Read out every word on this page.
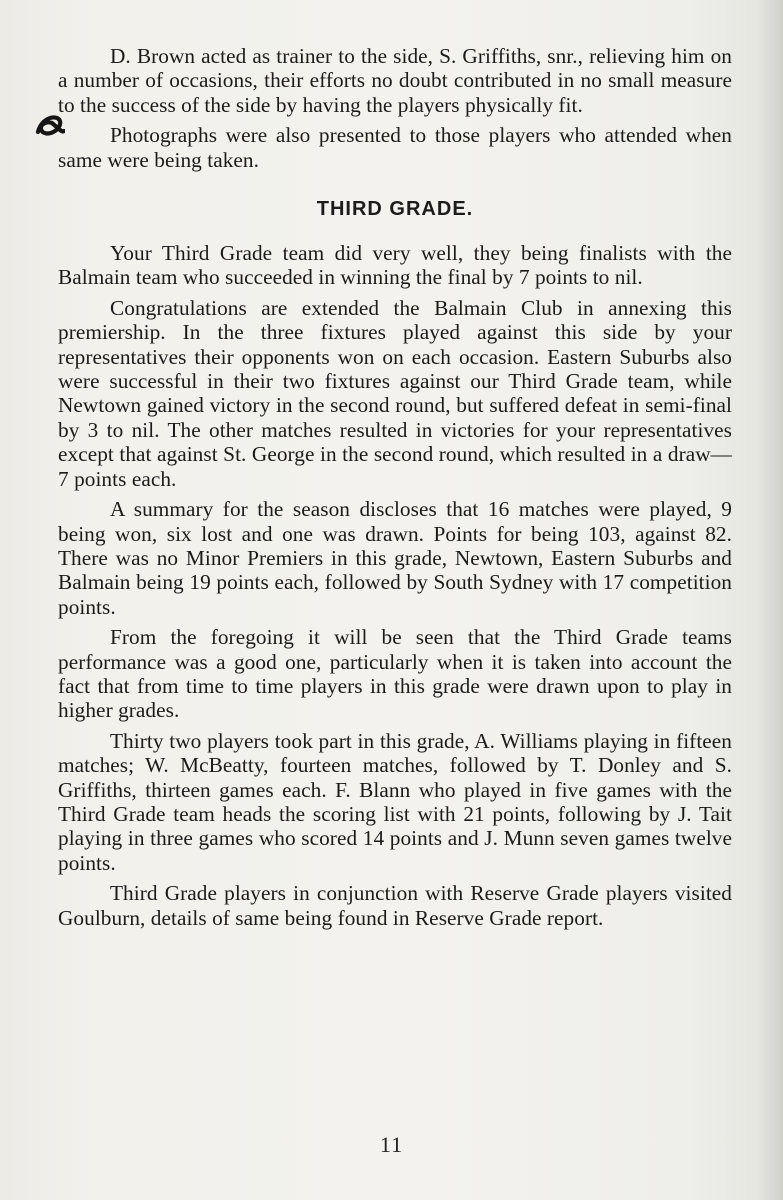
D. Brown acted as trainer to the side, S. Griffiths, snr., relieving him on a number of occasions, their efforts no doubt contributed in no small measure to the success of the side by having the players physically fit.

Photographs were also presented to those players who attended when same were being taken.

THIRD GRADE.

Your Third Grade team did very well, they being finalists with the Balmain team who succeeded in winning the final by 7 points to nil.

Congratulations are extended the Balmain Club in annexing this premiership. In the three fixtures played against this side by your representatives their opponents won on each occasion. Eastern Suburbs also were successful in their two fixtures against our Third Grade team, while Newtown gained victory in the second round, but suffered defeat in semi-final by 3 to nil. The other matches resulted in victories for your representatives except that against St. George in the second round, which resulted in a draw—7 points each.

A summary for the season discloses that 16 matches were played, 9 being won, six lost and one was drawn. Points for being 103, against 82. There was no Minor Premiers in this grade, Newtown, Eastern Suburbs and Balmain being 19 points each, followed by South Sydney with 17 competition points.

From the foregoing it will be seen that the Third Grade teams performance was a good one, particularly when it is taken into account the fact that from time to time players in this grade were drawn upon to play in higher grades.

Thirty two players took part in this grade, A. Williams playing in fifteen matches; W. McBeatty, fourteen matches, followed by T. Donley and S. Griffiths, thirteen games each. F. Blann who played in five games with the Third Grade team heads the scoring list with 21 points, following by J. Tait playing in three games who scored 14 points and J. Munn seven games twelve points.

Third Grade players in conjunction with Reserve Grade players visited Goulburn, details of same being found in Reserve Grade report.

11
